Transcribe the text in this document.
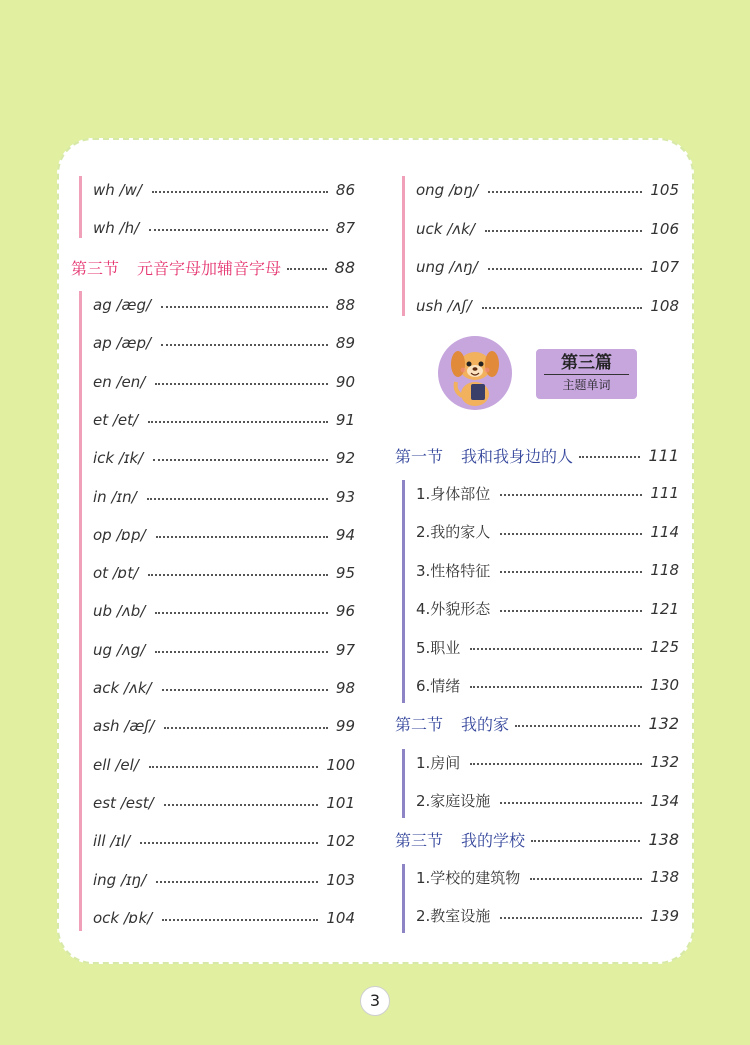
wh /w/	86
wh /h/	87
第三节 元音字母加辅音字母	88
ag /æg/	88
ap /æp/	89
en /en/	90
et /et/	91
ick /ɪk/	92
in /ɪn/	93
op /ɒp/	94
ot /ɒt/	95
ub /ʌb/	96
ug /ʌg/	97
ack /ʌk/	98
ash /æʃ/	99
ell /el/	100
est /est/	101
ill /ɪl/	102
ing /ɪŋ/	103
ock /ɒk/	104
ong /ɒŋ/	105
uck /ʌk/	106
ung /ʌŋ/	107
ush /ʌʃ/	108
第三篇
主题单词
第一节 我和我身边的人	111
1.身体部位	111
2.我的家人	114
3.性格特征	118
4.外貌形态	121
5.职业	125
6.情绪	130
第二节 我的家	132
1.房间	132
2.家庭设施	134
第三节 我的学校	138
1.学校的建筑物	138
2.教室设施	139
3
